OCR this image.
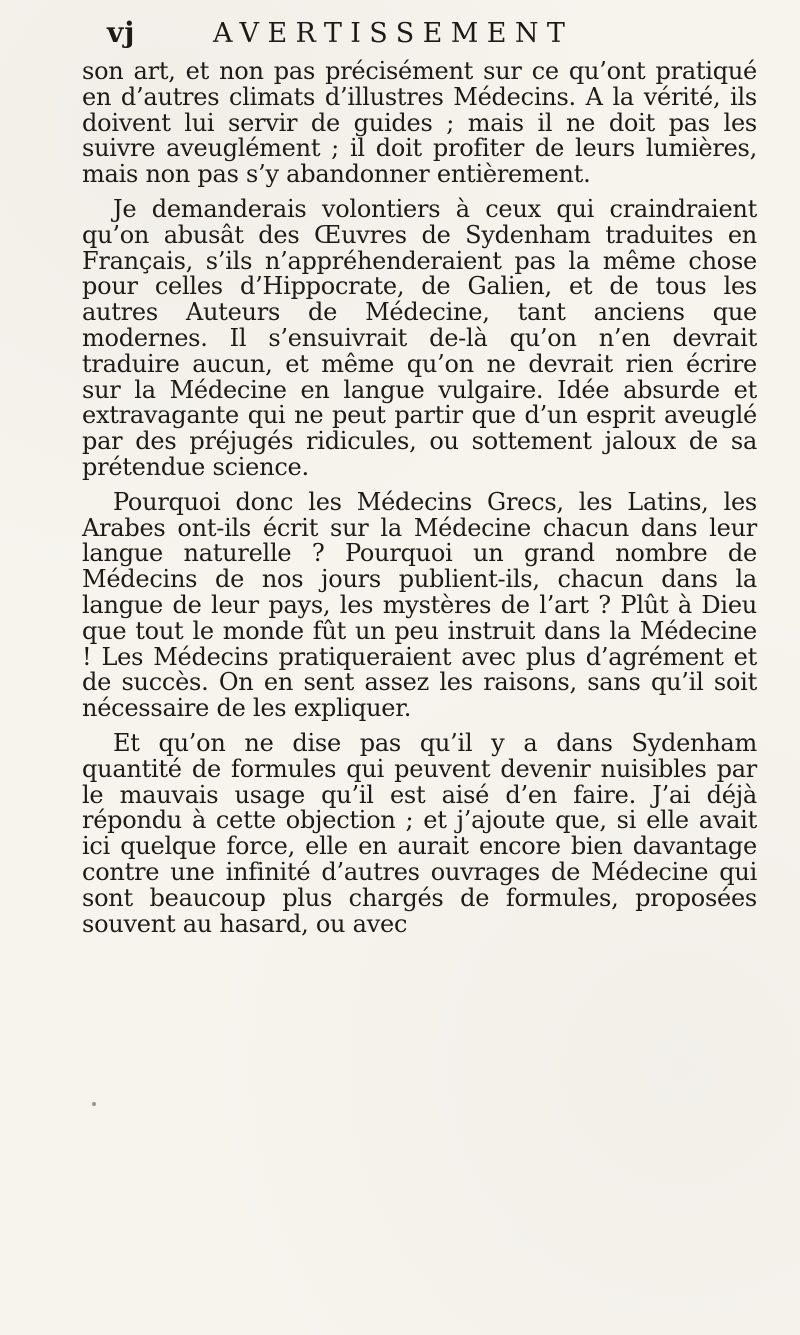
vj	AVERTISSEMENT

son art, et non pas précisément sur ce qu’ont pratiqué en d’autres climats d’illustres Médecins. A la vérité, ils doivent lui servir de guides ; mais il ne doit pas les suivre aveuglément ; il doit profiter de leurs lumières, mais non pas s’y abandonner entièrement.

Je demanderais volontiers à ceux qui craindraient qu’on abusât des Œuvres de Sydenham traduites en Français, s’ils n’appréhenderaient pas la même chose pour celles d’Hippocrate, de Galien, et de tous les autres Auteurs de Médecine, tant anciens que modernes. Il s’ensuivrait de-là qu’on n’en devrait traduire aucun, et même qu’on ne devrait rien écrire sur la Médecine en langue vulgaire. Idée absurde et extravagante qui ne peut partir que d’un esprit aveuglé par des préjugés ridicules, ou sottement jaloux de sa prétendue science.

Pourquoi donc les Médecins Grecs, les Latins, les Arabes ont-ils écrit sur la Médecine chacun dans leur langue naturelle ? Pourquoi un grand nombre de Médecins de nos jours publient-ils, chacun dans la langue de leur pays, les mystères de l’art ? Plût à Dieu que tout le monde fût un peu instruit dans la Médecine ! Les Médecins pratiqueraient avec plus d’agrément et de succès. On en sent assez les raisons, sans qu’il soit nécessaire de les expliquer.

Et qu’on ne dise pas qu’il y a dans Sydenham quantité de formules qui peuvent devenir nuisibles par le mauvais usage qu’il est aisé d’en faire. J’ai déjà répondu à cette objection ; et j’ajoute que, si elle avait ici quelque force, elle en aurait encore bien davantage contre une infinité d’autres ouvrages de Médecine qui sont beaucoup plus chargés de formules, proposées souvent au hasard, ou avec
